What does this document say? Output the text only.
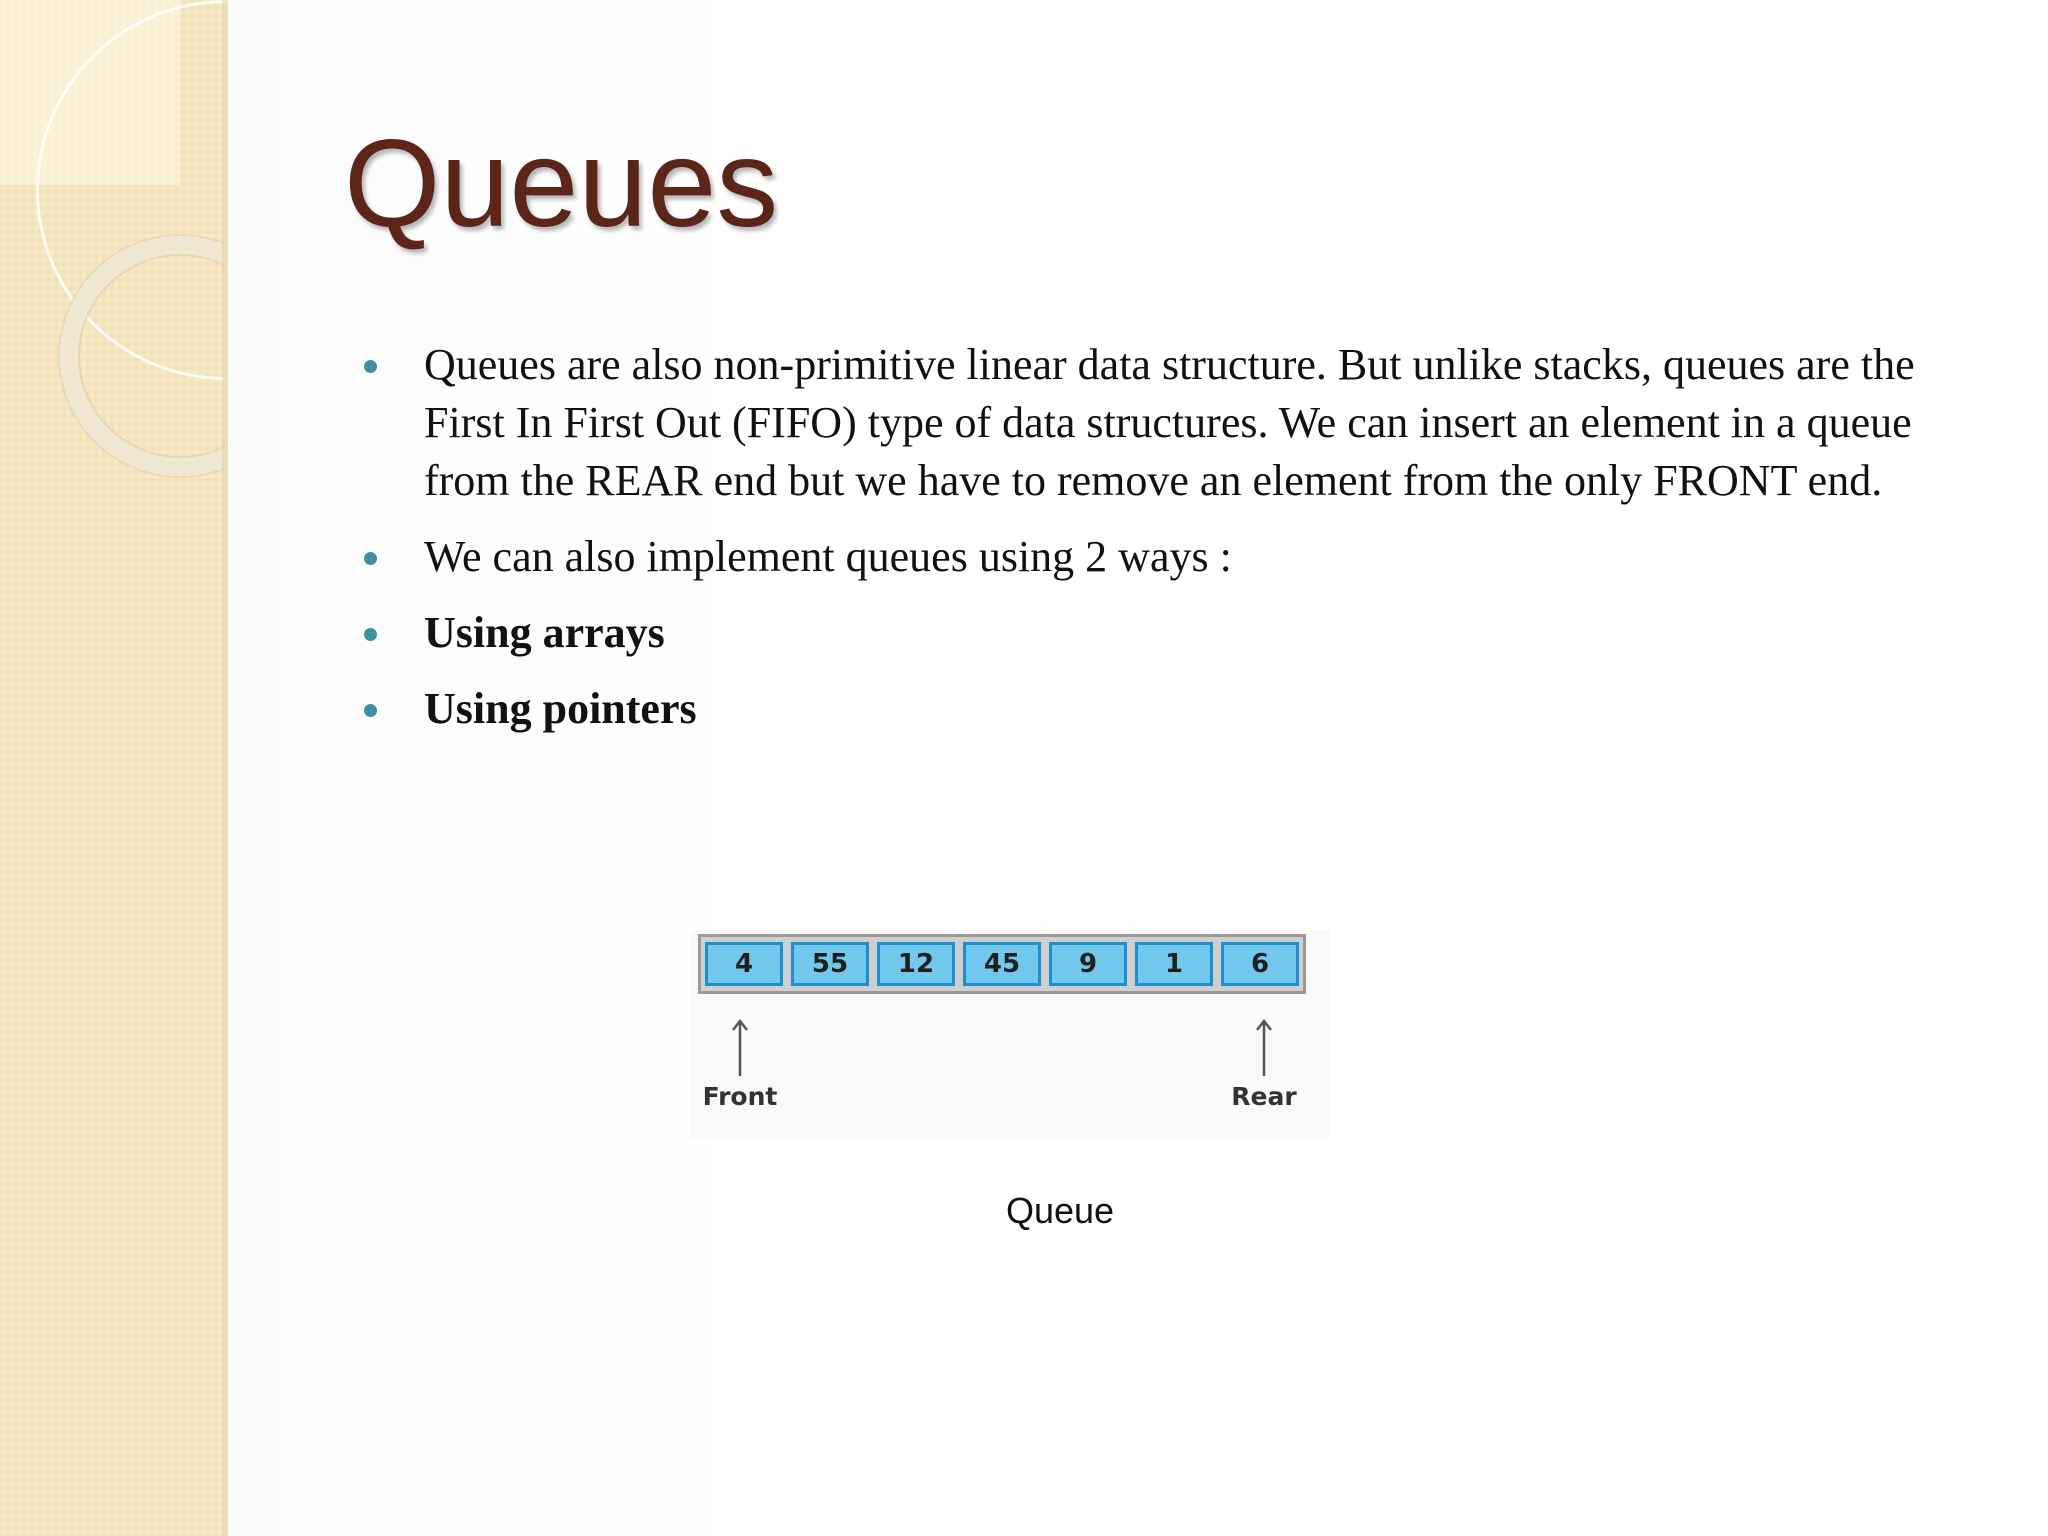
Queues
Queues are also non-primitive linear data structure. But unlike stacks, queues are the First In First Out (FIFO) type of data structures. We can insert an element in a queue from the REAR end but we have to remove an element from the only FRONT end.
We can also implement queues using 2 ways :
Using arrays
Using pointers
4	55	12	45	9	1	6
Front	Rear
Queue
